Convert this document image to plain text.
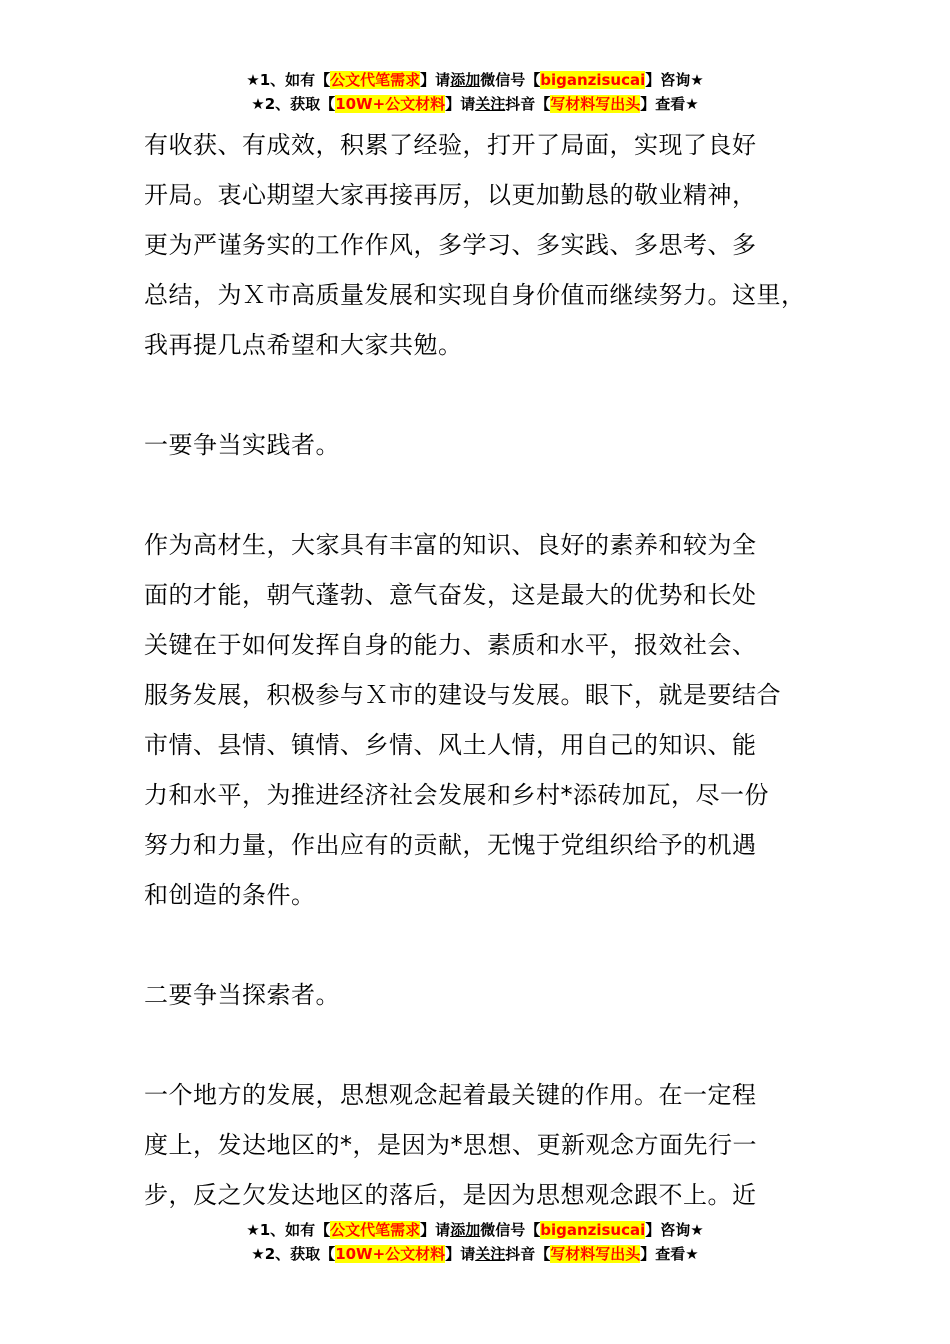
★1、如有【公文代笔需求】请添加微信号【biganzisucai】咨询★
★2、获取【10W+公文材料】请关注抖音【写材料写出头】查看★
有收获、有成效，积累了经验，打开了局面，实现了良好
开局。衷心期望大家再接再厉，以更加勤恳的敬业精神，
更为严谨务实的工作作风，多学习、多实践、多思考、多
总结，为Ｘ市高质量发展和实现自身价值而继续努力。这里，
我再提几点希望和大家共勉。
一要争当实践者。
作为高材生，大家具有丰富的知识、良好的素养和较为全
面的才能，朝气蓬勃、意气奋发，这是最大的优势和长处
关键在于如何发挥自身的能力、素质和水平，报效社会、
服务发展，积极参与Ｘ市的建设与发展。眼下，就是要结合
市情、县情、镇情、乡情、风土人情，用自己的知识、能
力和水平，为推进经济社会发展和乡村*添砖加瓦，尽一份
努力和力量，作出应有的贡献，无愧于党组织给予的机遇
和创造的条件。
二要争当探索者。
一个地方的发展，思想观念起着最关键的作用。在一定程
度上，发达地区的*，是因为*思想、更新观念方面先行一
步，反之欠发达地区的落后，是因为思想观念跟不上。近
★1、如有【公文代笔需求】请添加微信号【biganzisucai】咨询★
★2、获取【10W+公文材料】请关注抖音【写材料写出头】查看★
